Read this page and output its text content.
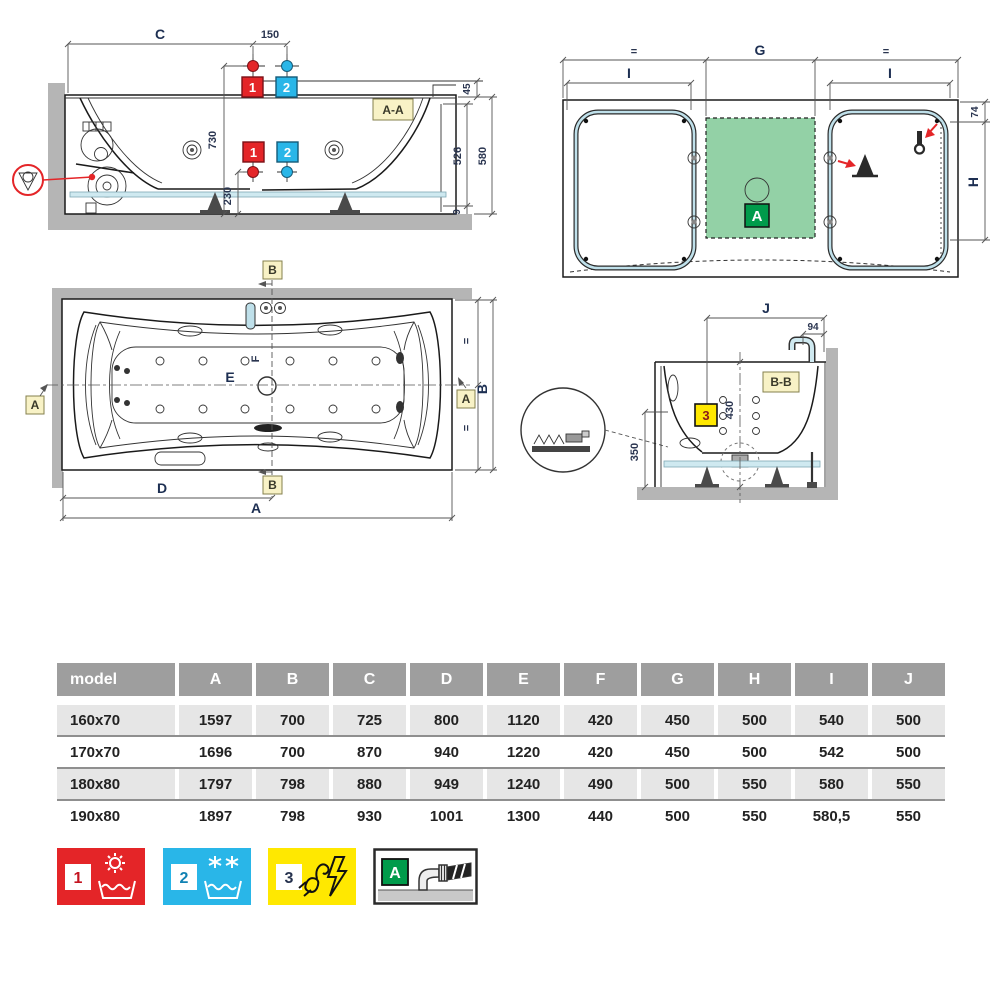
1 2
1 2
C	150
730
230
45
526 580
9
A-A
A
=	G	=
I	I
74
H
E
F
B
B
A	A
=
=
B
D
A
J
94
430
350
B-B
3
model	A	B	C	D	E	F	G	H	I	J
160x70	1597	700	725	800	1120	420	450	500	540	500
170x70	1696	700	870	940	1220	420	450	500	542	500
180x80	1797	798	880	949	1240	490	500	550	580	550
190x80	1897	798	930	1001	1300	440	500	550	580,5	550
1	2	3	A
